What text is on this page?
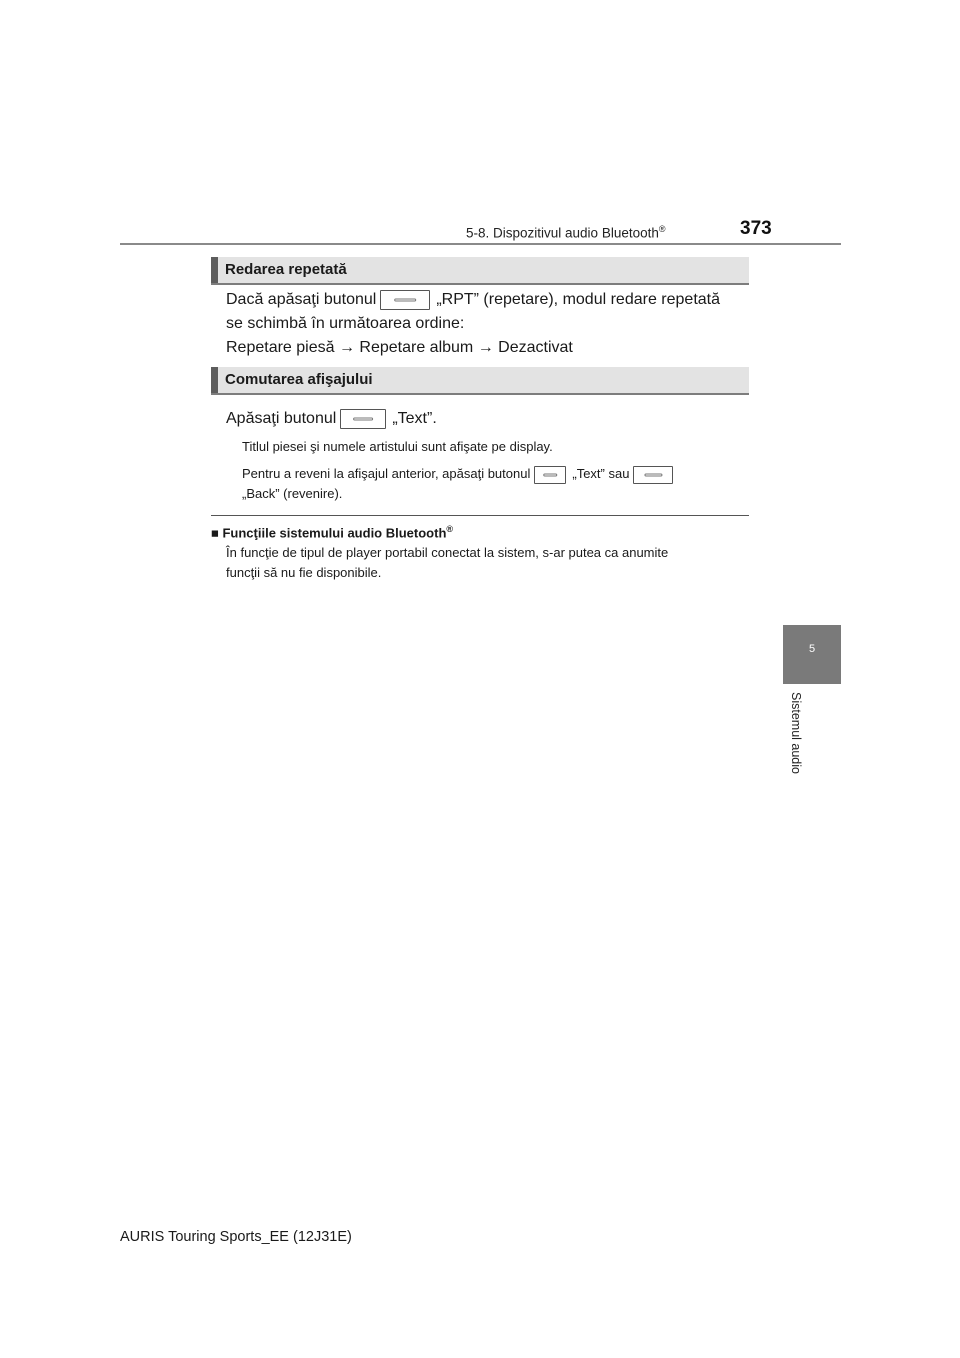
5-8. Dispozitivul audio Bluetooth®	373
Redarea repetată
Dacă apăsaţi butonul	„RPT” (repetare), modul redare repetată
se schimbă în următoarea ordine:
Repetare piesă → Repetare album → Dezactivat
Comutarea afişajului
Apăsaţi butonul	„Text”.
Titlul piesei şi numele artistului sunt afişate pe display.
Pentru a reveni la afişajul anterior, apăsaţi butonul	„Text” sau
„Back” (revenire).
■ Funcţiile sistemului audio Bluetooth®
În funcţie de tipul de player portabil conectat la sistem, s-ar putea ca anumite
funcţii să nu fie disponibile.
5
Sistemul audio
AURIS Touring Sports_EE (12J31E)
